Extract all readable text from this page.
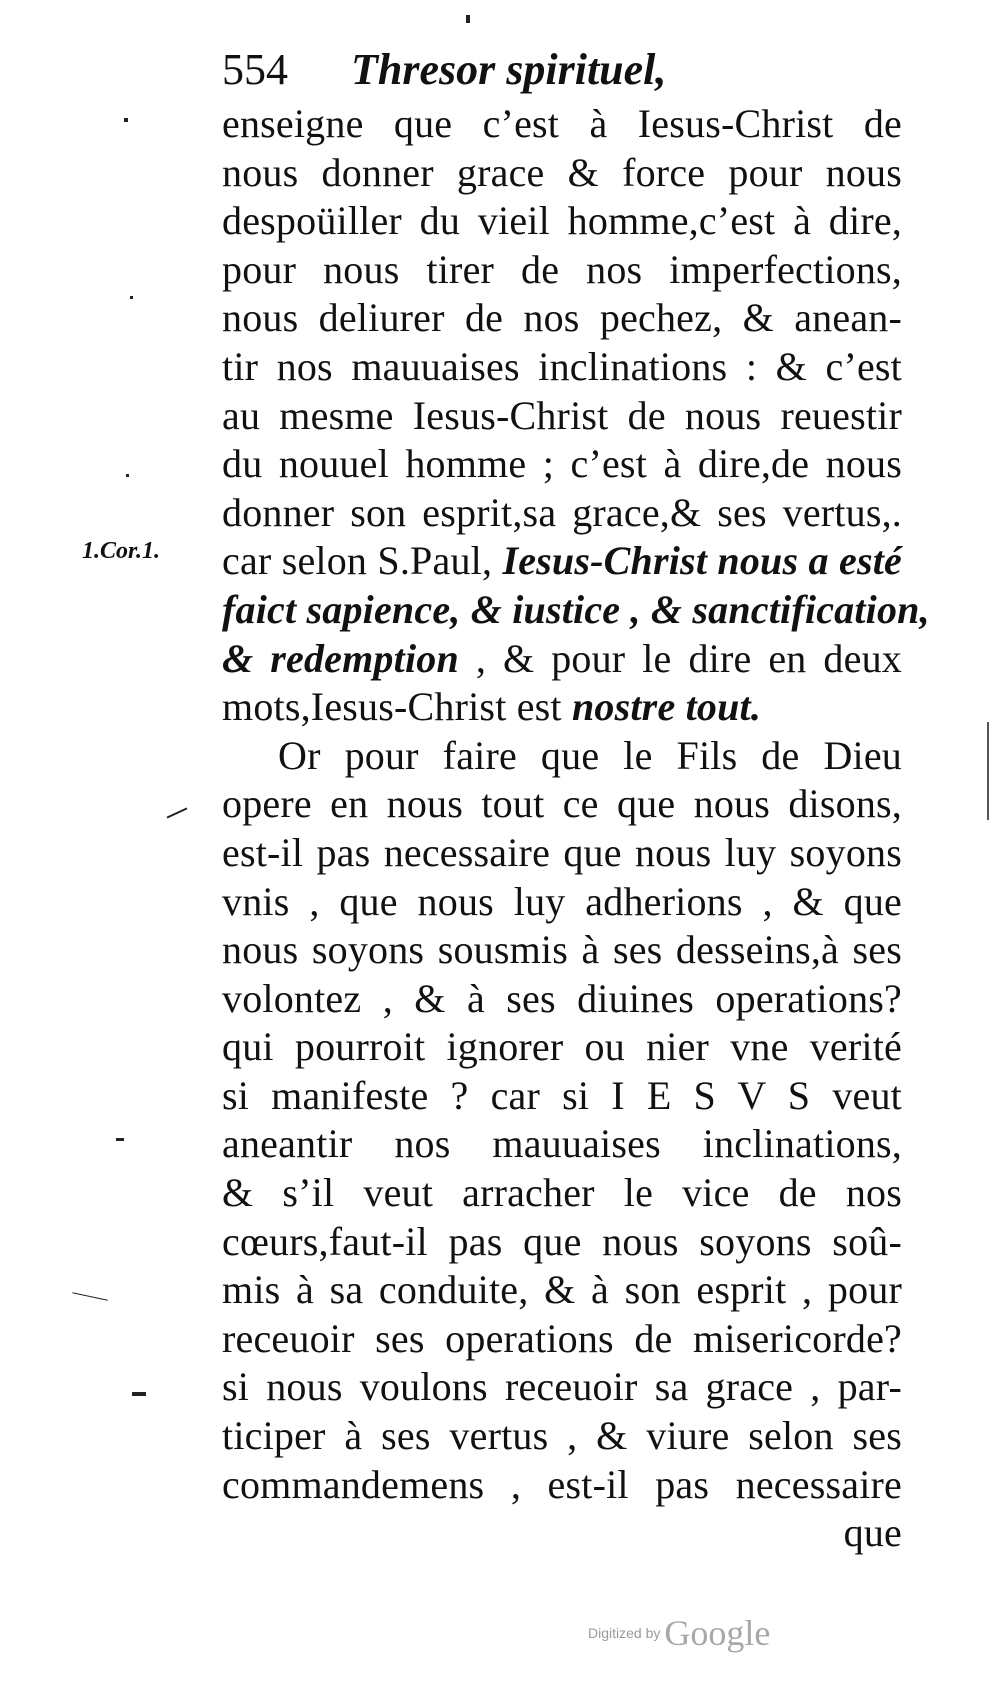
554 Thresor spirituel,
1.Cor.1.
enseigne que c’est à Iesus-Christ de
nous donner grace & force pour nous
despoüiller du vieil homme,c’est à dire,
pour nous tirer de nos imperfections,
nous deliurer de nos pechez, & anean-
tir nos mauuaises inclinations : & c’est
au mesme Iesus-Christ de nous reuestir
du nouuel homme ; c’est à dire,de nous
donner son esprit,sa grace,& ses vertus,.
car selon S.Paul, Iesus-Christ nous a esté
faict sapience, & iustice , & sanctification,
& redemption , & pour le dire en deux
mots,Iesus-Christ est nostre tout.
Or pour faire que le Fils de Dieu
opere en nous tout ce que nous disons,
est-il pas necessaire que nous luy soyons
vnis , que nous luy adherions , & que
nous soyons sousmis à ses desseins,à ses
volontez , & à ses diuines operations?
qui pourroit ignorer ou nier vne verité
si manifeste ? car si I E S V S veut
aneantir nos mauuaises inclinations,
& s’il veut arracher le vice de nos
cœurs,faut-il pas que nous soyons soû-
mis à sa conduite, & à son esprit , pour
receuoir ses operations de misericorde?
si nous voulons receuoir sa grace , par-
ticiper à ses vertus , & viure selon ses
commandemens , est-il pas necessaire
que
Digitized by Google
